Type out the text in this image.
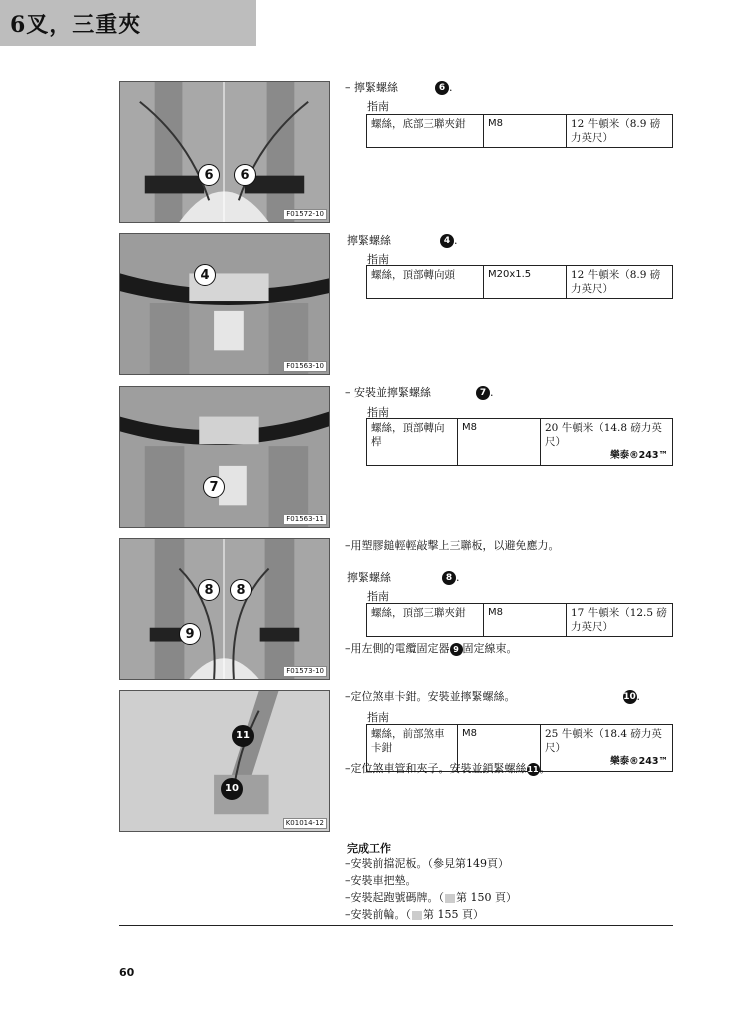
6叉，三重夾
6	6
F01572-10
4
F01563-10
7
F01563-11
8	8
9
F01573-10
11
10
K01014-12
– 擰緊螺絲	6 .
指南
螺絲，底部三聯夾鉗	M8	12 牛頓米（8.9 磅力英尺）
擰緊螺絲	4 .
指南
螺絲，頂部轉向頭	M20x1.5	12 牛頓米（8.9 磅力英尺）
– 安裝並擰緊螺絲	7 .
指南
螺絲，頂部轉向桿	M8	20 牛頓米（14.8 磅力英尺）
樂泰®243™
–用塑膠鎚輕輕敲擊上三聯板，以避免應力。
擰緊螺絲	8 .
指南
螺絲，頂部三聯夾鉗	M8	17 牛頓米（12.5 磅力英尺）
–用左側的電纜固定器 9 固定線束。
–定位煞車卡鉗。安裝並擰緊螺絲。	10.
指南
螺絲，前部煞車卡鉗	M8	25 牛頓米（18.4 磅力英尺）
樂泰®243™
–定位煞車管和夾子。安裝並鎖緊螺絲11。
完成工作
–安裝前擋泥板。（參見第149頁）
–安裝車把墊。
–安裝起跑號碼牌。（ 第 150 頁）
–安裝前輪。（ 第 155 頁）
60
